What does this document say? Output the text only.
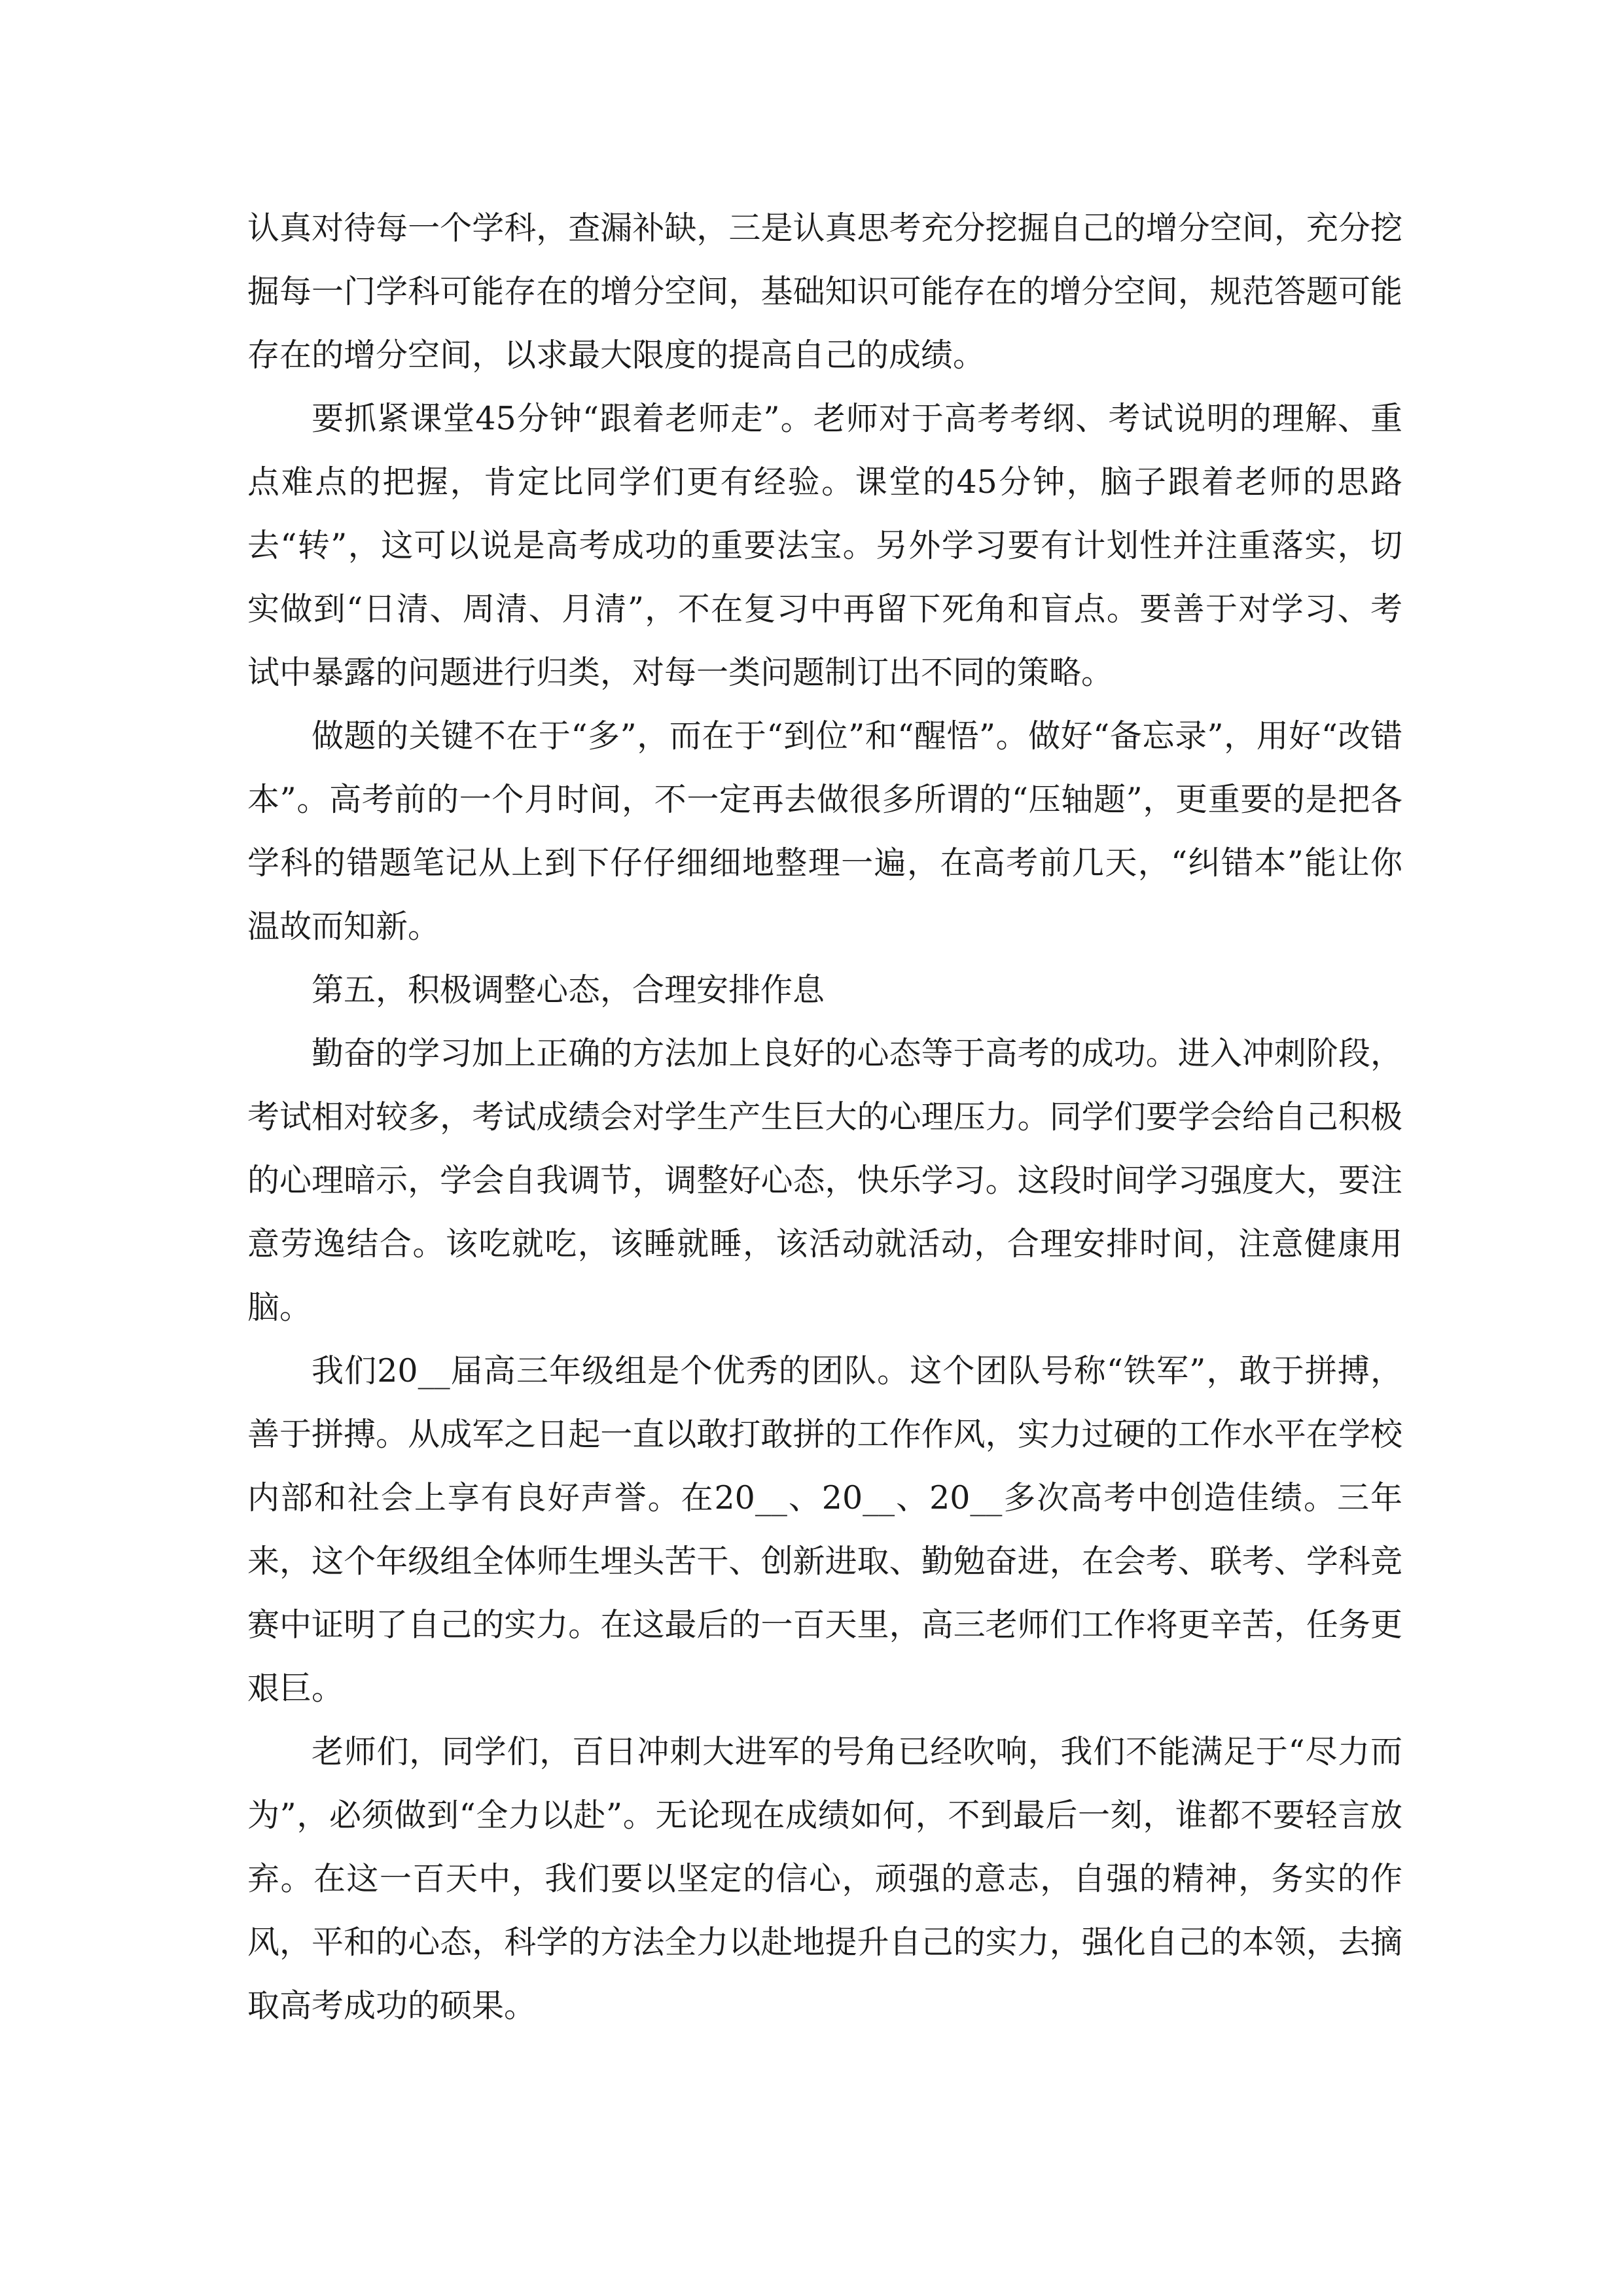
认真对待每一个学科，查漏补缺，三是认真思考充分挖掘自己的增分空间，充分挖掘每一门学科可能存在的增分空间，基础知识可能存在的增分空间，规范答题可能存在的增分空间，以求最大限度的提高自己的成绩。

要抓紧课堂45分钟“跟着老师走”。老师对于高考考纲、考试说明的理解、重点难点的把握，肯定比同学们更有经验。课堂的45分钟，脑子跟着老师的思路去“转”，这可以说是高考成功的重要法宝。另外学习要有计划性并注重落实，切实做到“日清、周清、月清”，不在复习中再留下死角和盲点。要善于对学习、考试中暴露的问题进行归类，对每一类问题制订出不同的策略。

做题的关键不在于“多”，而在于“到位”和“醒悟”。做好“备忘录”，用好“改错本”。高考前的一个月时间，不一定再去做很多所谓的“压轴题”，更重要的是把各学科的错题笔记从上到下仔仔细细地整理一遍，在高考前几天，“纠错本”能让你温故而知新。

第五，积极调整心态，合理安排作息

勤奋的学习加上正确的方法加上良好的心态等于高考的成功。进入冲刺阶段，考试相对较多，考试成绩会对学生产生巨大的心理压力。同学们要学会给自己积极的心理暗示，学会自我调节，调整好心态，快乐学习。这段时间学习强度大，要注意劳逸结合。该吃就吃，该睡就睡，该活动就活动，合理安排时间，注意健康用脑。

我们20__届高三年级组是个优秀的团队。这个团队号称“铁军”，敢于拼搏，善于拼搏。从成军之日起一直以敢打敢拼的工作作风，实力过硬的工作水平在学校内部和社会上享有良好声誉。在20__、20__、20__多次高考中创造佳绩。三年来，这个年级组全体师生埋头苦干、创新进取、勤勉奋进，在会考、联考、学科竞赛中证明了自己的实力。在这最后的一百天里，高三老师们工作将更辛苦，任务更艰巨。

老师们，同学们，百日冲刺大进军的号角已经吹响，我们不能满足于“尽力而为”，必须做到“全力以赴”。无论现在成绩如何，不到最后一刻，谁都不要轻言放弃。在这一百天中，我们要以坚定的信心，顽强的意志，自强的精神，务实的作风，平和的心态，科学的方法全力以赴地提升自己的实力，强化自己的本领，去摘取高考成功的硕果。
